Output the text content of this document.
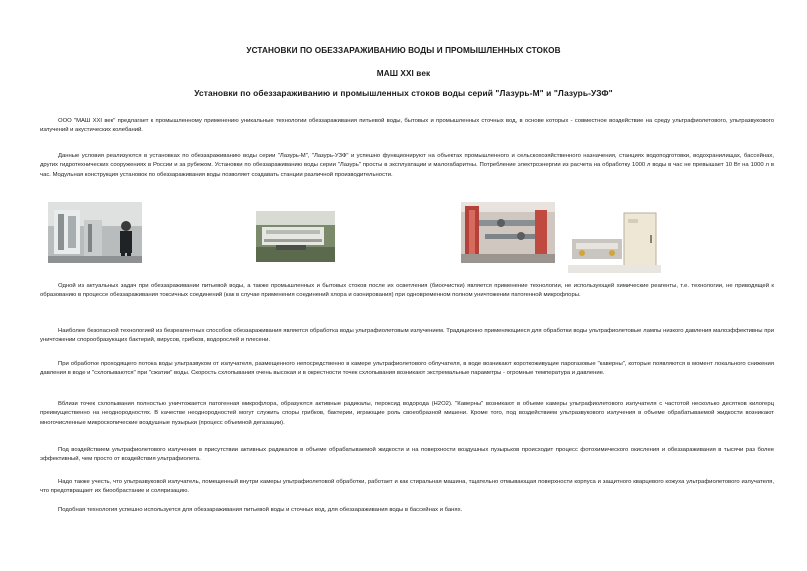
УСТАНОВКИ ПО ОБЕЗЗАРАЖИВАНИЮ ВОДЫ И ПРОМЫШЛЕННЫХ СТОКОВ
МАШ XXI век
Установки по обеззараживанию и промышленных стоков воды серий "Лазурь-М" и "Лазурь-УЗФ"

ООО "МАШ XXI век" предлагает к промышленному применению уникальные технологии обеззараживания питьевой воды, бытовых и промышленных сточных вод, в основе которых - совместное воздействие на среду ультрафиолетового, ультразвукового излучений и акустических колебаний.

Данные условия реализуются в установках по обеззараживанию воды серии "Лазурь-М", "Лазурь-УЗФ" и успешно функционируют на объектах промышленного и сельскохозяйственного назначения, станциях водоподготовки, водохранилищах, бассейнах, других гидротехнических сооружениях в России и за рубежом. Установки по обеззараживанию воды серии "Лазурь" просты в эксплуатации и малогабаритны. Потребление электроэнергии из расчета на обработку 1000 л воды в час не превышает 10 Вт на 1000 л в час. Модульная конструкция установок по обеззараживания воды позволяет создавать станции различной производительности.

Одной из актуальных задач при обеззараживании питьевой воды, а также промышленных и бытовых стоков после их осветления (биоочистки) является применение технологии, не использующей химические реагенты, т.е. технологии, не приводящей к образованию в процессе обеззараживания токсичных соединений (как в случае применения соединений хлора и озонирования) при одновременном полном уничтожении патогенной микрофлоры.

Наиболее безопасной технологией из безреагентных способов обеззараживания является обработка воды ультрафиолетовым излучением. Традиционно применяющиеся для обработки воды ультрафиолетовые лампы низкого давления малоэффективны при уничтожении спорообразующих бактерий, вирусов, грибков, водорослей и плесени.

При обработке проходящего потока воды ультразвуком от излучателя, размещенного непосредственно в камере ультрафиолетового облучателя, в воде возникают короткоживущие парогазовые "каверны", которые появляются в момент локального снижения давления в воде и "схлопываются" при "сжатии" воды. Скорость схлопывания очень высокая и в окрестности точек схлопывания возникают экстремальные параметры - огромные температура и давление.

Вблизи точек схлопывания полностью уничтожается патогенная микрофлора, образуются активные радикалы, пероксид водорода (H2O2). "Каверны" возникают в объеме камеры ультрафиолетового излучателя с частотой несколько десятков килогерц преимущественно на неоднородностях. В качестве неоднородностей могут служить споры грибков, бактерии, играющие роль своеобразной мишени. Кроме того, под воздействием ультразвукового излучения в объеме обрабатываемой жидкости возникают многочисленные микроскопические воздушные пузырьки (процесс объемной дегазации).

Под воздействием ультрафиолетового излучения в присутствии активных радикалов в объеме обрабатываемой жидкости и на поверхности воздушных пузырьков происходит процесс фотохимического окисления и обеззараживания в тысячи раз более эффективный, чем просто от воздействия ультрафиолета.

Надо также учесть, что ультразвуковой излучатель, помещенный внутри камеры ультрафиолетовой обработки, работает и как стиральная машина, тщательно отмывающая поверхности корпуса и защитного кварцевого кожуха ультрафиолетового излучателя, что предотвращает их биообрастание и соляризацию.

Подобная технология успешно используется для обеззараживания питьевой воды и сточных вод, для обеззараживания воды в бассейнах и банях.
